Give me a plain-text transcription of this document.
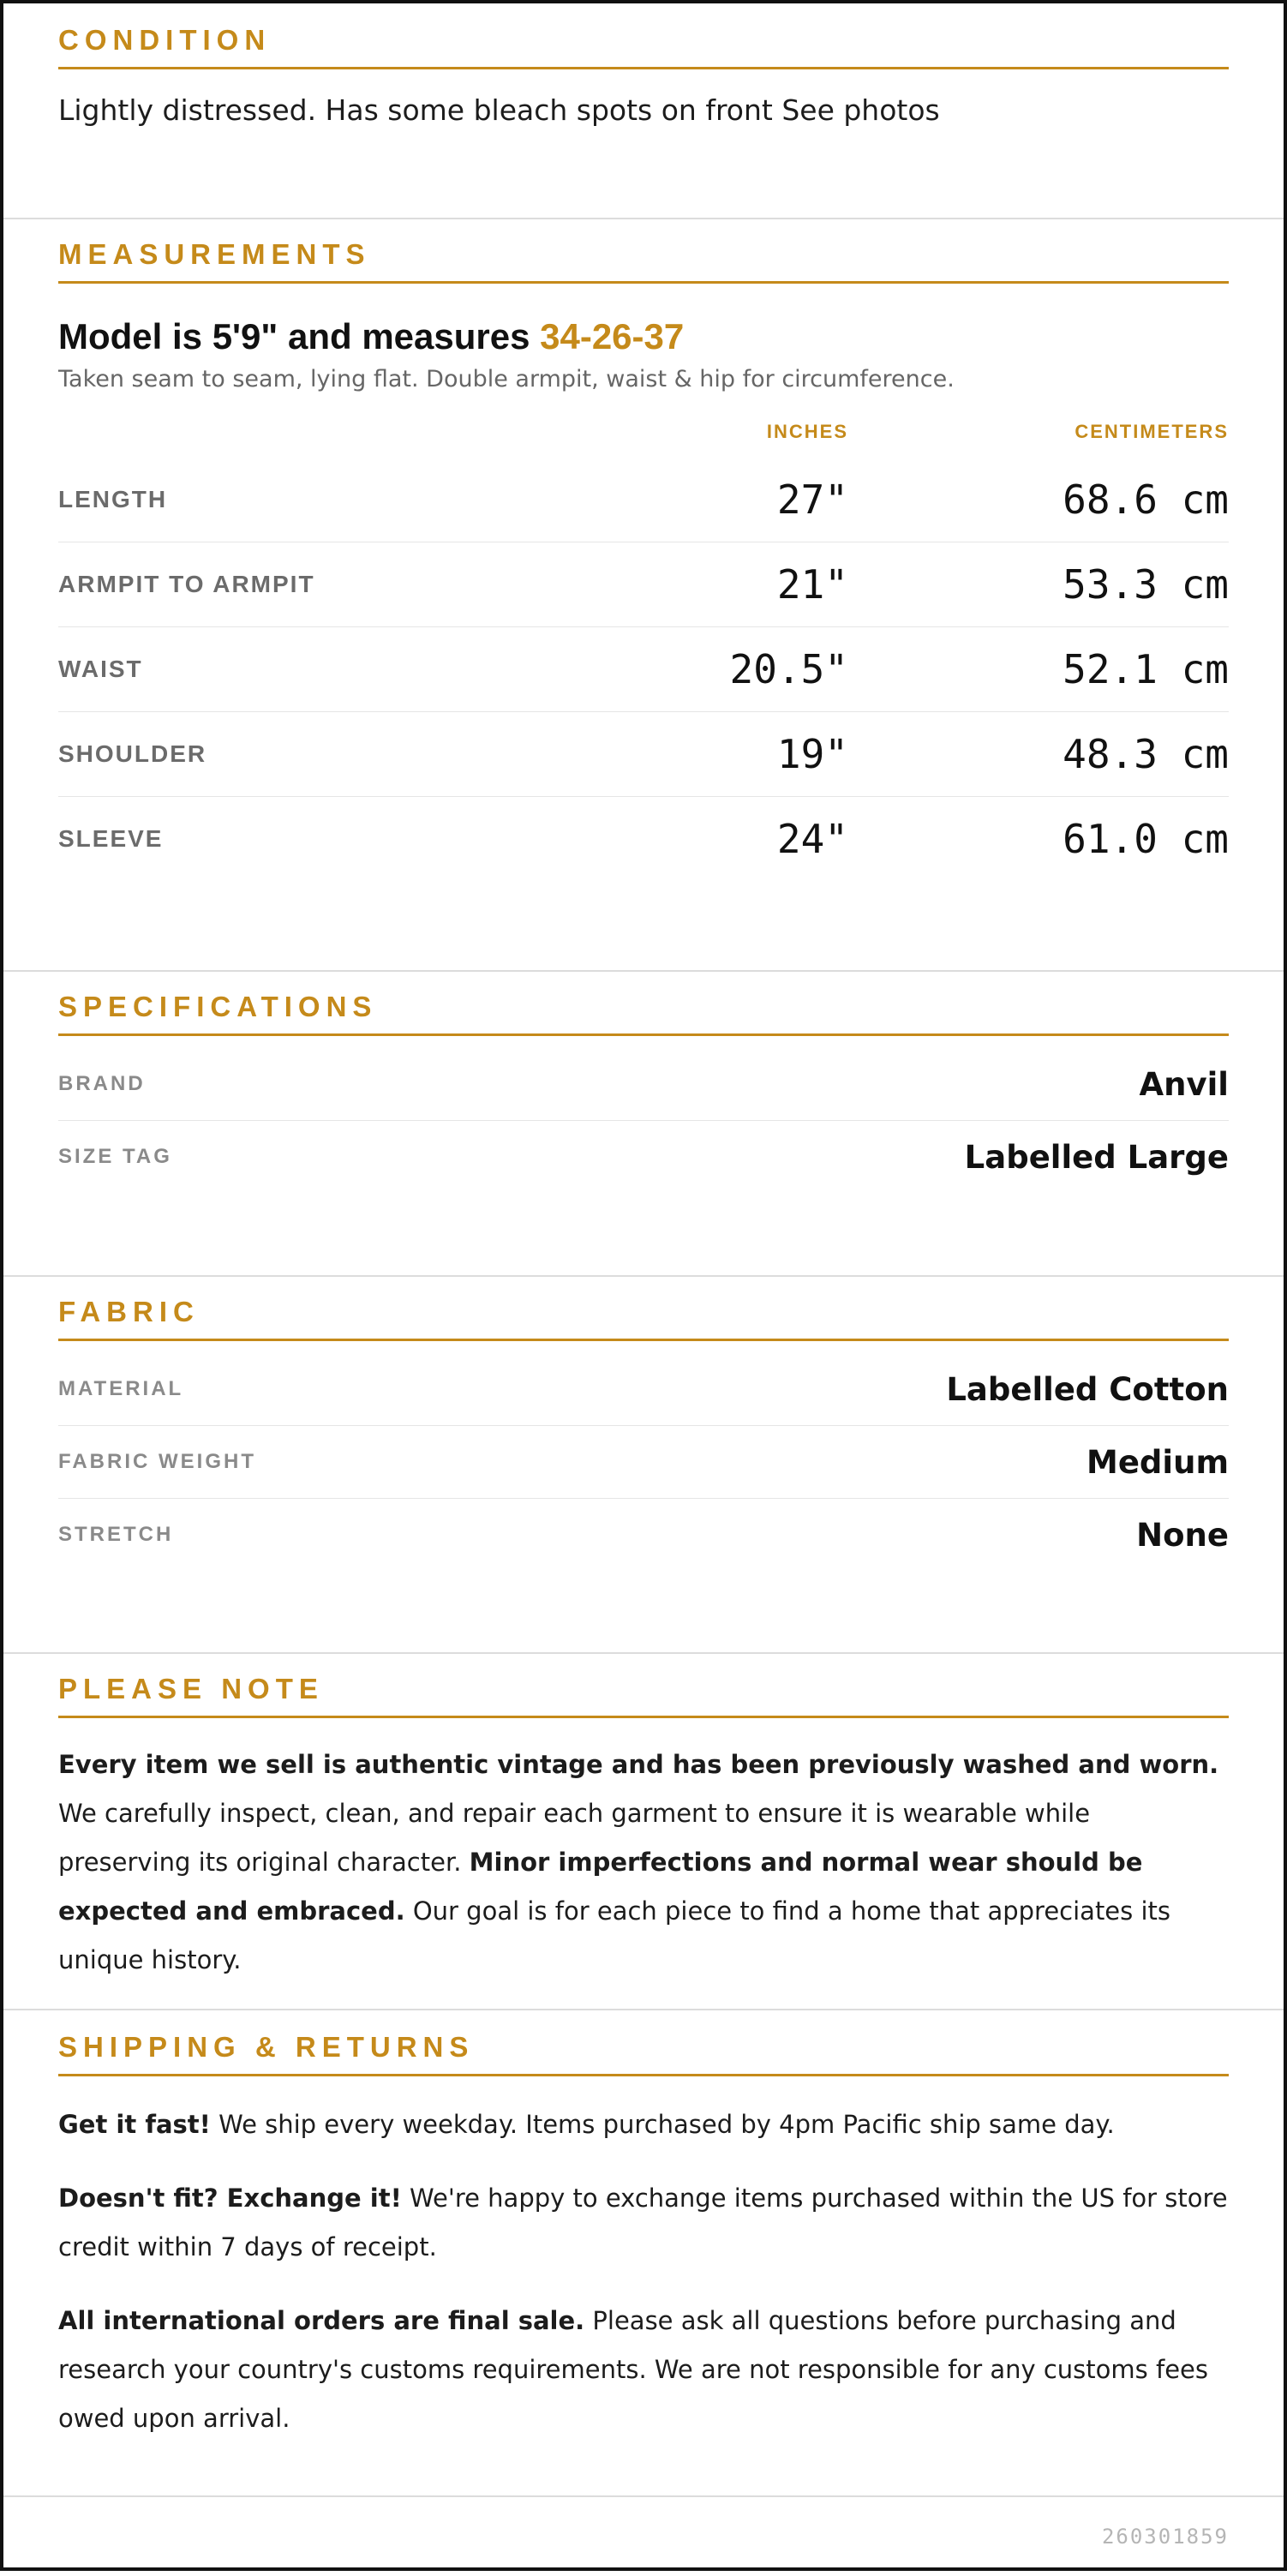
CONDITION
Lightly distressed. Has some bleach spots on front See photos
MEASUREMENTS
Model is 5'9" and measures 34-26-37
Taken seam to seam, lying flat. Double armpit, waist & hip for circumference.
INCHES	CENTIMETERS
LENGTH	27"	68.6 cm
ARMPIT TO ARMPIT	21"	53.3 cm
WAIST	20.5"	52.1 cm
SHOULDER	19"	48.3 cm
SLEEVE	24"	61.0 cm
SPECIFICATIONS
BRAND	Anvil
SIZE TAG	Labelled Large
FABRIC
MATERIAL	Labelled Cotton
FABRIC WEIGHT	Medium
STRETCH	None
PLEASE NOTE
Every item we sell is authentic vintage and has been previously washed and worn. We carefully inspect, clean, and repair each garment to ensure it is wearable while preserving its original character. Minor imperfections and normal wear should be expected and embraced. Our goal is for each piece to find a home that appreciates its unique history.
SHIPPING & RETURNS

Get it fast! We ship every weekday. Items purchased by 4pm Pacific ship same day.

Doesn't fit? Exchange it! We're happy to exchange items purchased within the US for store credit within 7 days of receipt.

All international orders are final sale. Please ask all questions before purchasing and research your country's customs requirements. We are not responsible for any customs fees owed upon arrival.

260301859
